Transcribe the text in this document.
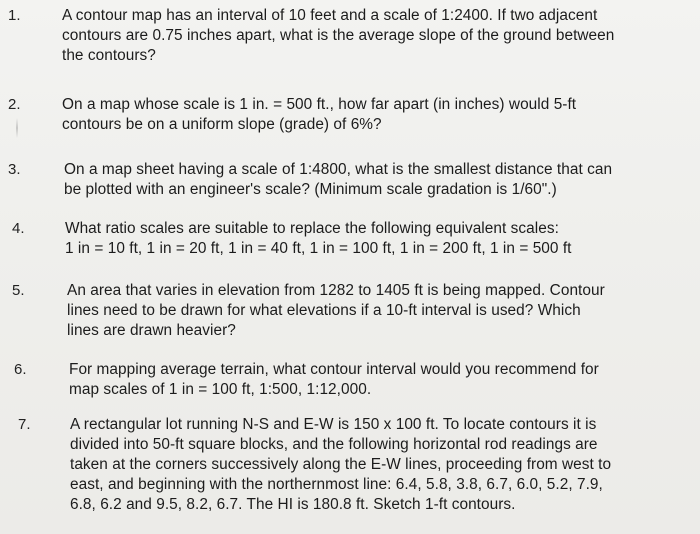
1.	A contour map has an interval of 10 feet and a scale of 1:2400. If two adjacent
contours are 0.75 inches apart, what is the average slope of the ground between
the contours?
2.	On a map whose scale is 1 in. = 500 ft., how far apart (in inches) would 5-ft
contours be on a uniform slope (grade) of 6%?
3.	On a map sheet having a scale of 1:4800, what is the smallest distance that can
be plotted with an engineer's scale? (Minimum scale gradation is 1/60".)
4.	What ratio scales are suitable to replace the following equivalent scales:
1 in = 10 ft, 1 in = 20 ft, 1 in = 40 ft, 1 in = 100 ft, 1 in = 200 ft, 1 in = 500 ft
5.	An area that varies in elevation from 1282 to 1405 ft is being mapped. Contour
lines need to be drawn for what elevations if a 10-ft interval is used? Which
lines are drawn heavier?
6.	For mapping average terrain, what contour interval would you recommend for
map scales of 1 in = 100 ft, 1:500, 1:12,000.
7.	A rectangular lot running N-S and E-W is 150 x 100 ft. To locate contours it is
divided into 50-ft square blocks, and the following horizontal rod readings are
taken at the corners successively along the E-W lines, proceeding from west to
east, and beginning with the northernmost line: 6.4, 5.8, 3.8, 6.7, 6.0, 5.2, 7.9,
6.8, 6.2 and 9.5, 8.2, 6.7. The HI is 180.8 ft. Sketch 1-ft contours.
